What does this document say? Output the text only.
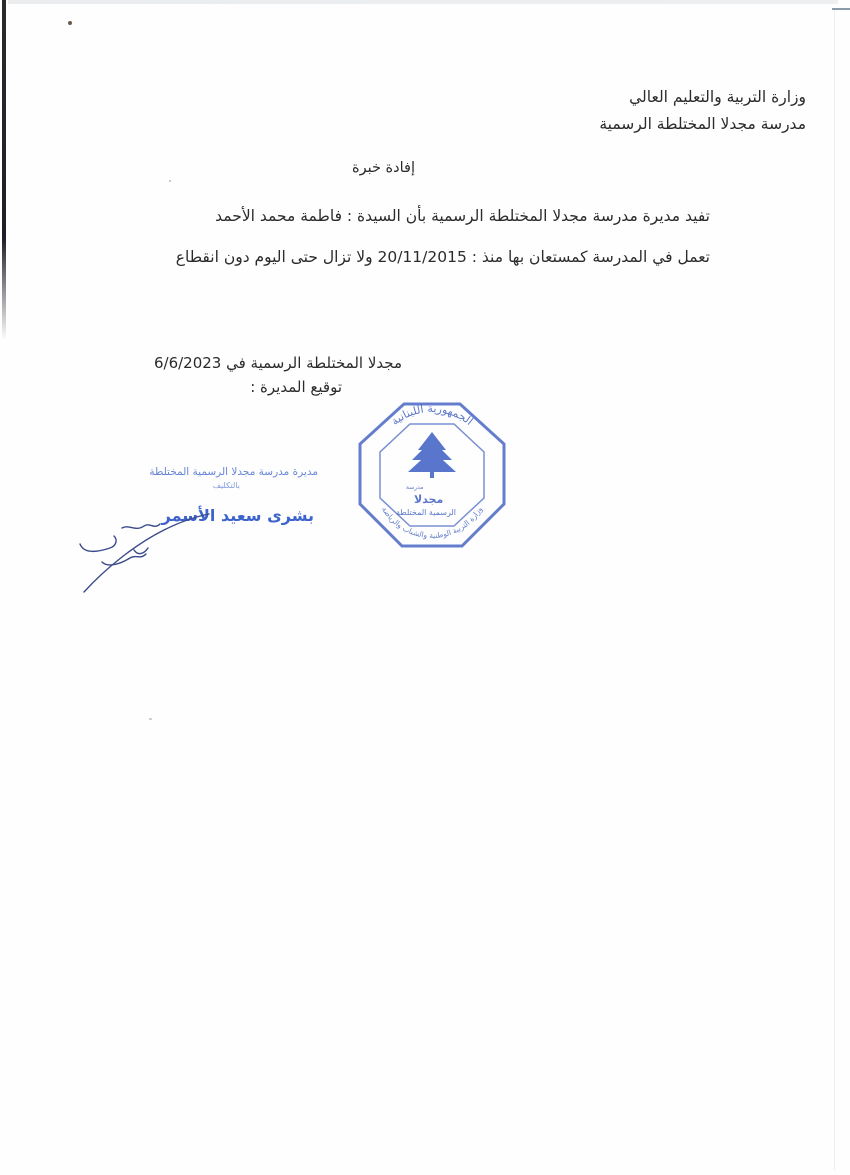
وزارة التربية والتعليم العالي
مدرسة مجدلا المختلطة الرسمية
إفادة خبرة
تفيد مديرة مدرسة مجدلا المختلطة الرسمية بأن السيدة : فاطمة محمد الأحمد
تعمل في المدرسة كمستعان بها منذ : 20/11/2015 ولا تزال حتى اليوم دون انقطاع
مجدلا المختلطة الرسمية في 6/6/2023
توقيع المديرة :
الجمهورية اللبنانية
وزارة التربية الوطنية والشباب والرياضة
مدرسة
مجدلا
الرسمية المختلطة
مديرة مدرسة مجدلا الرسمية المختلطة
بالتكليف
بشرى سعيد الأسمر
